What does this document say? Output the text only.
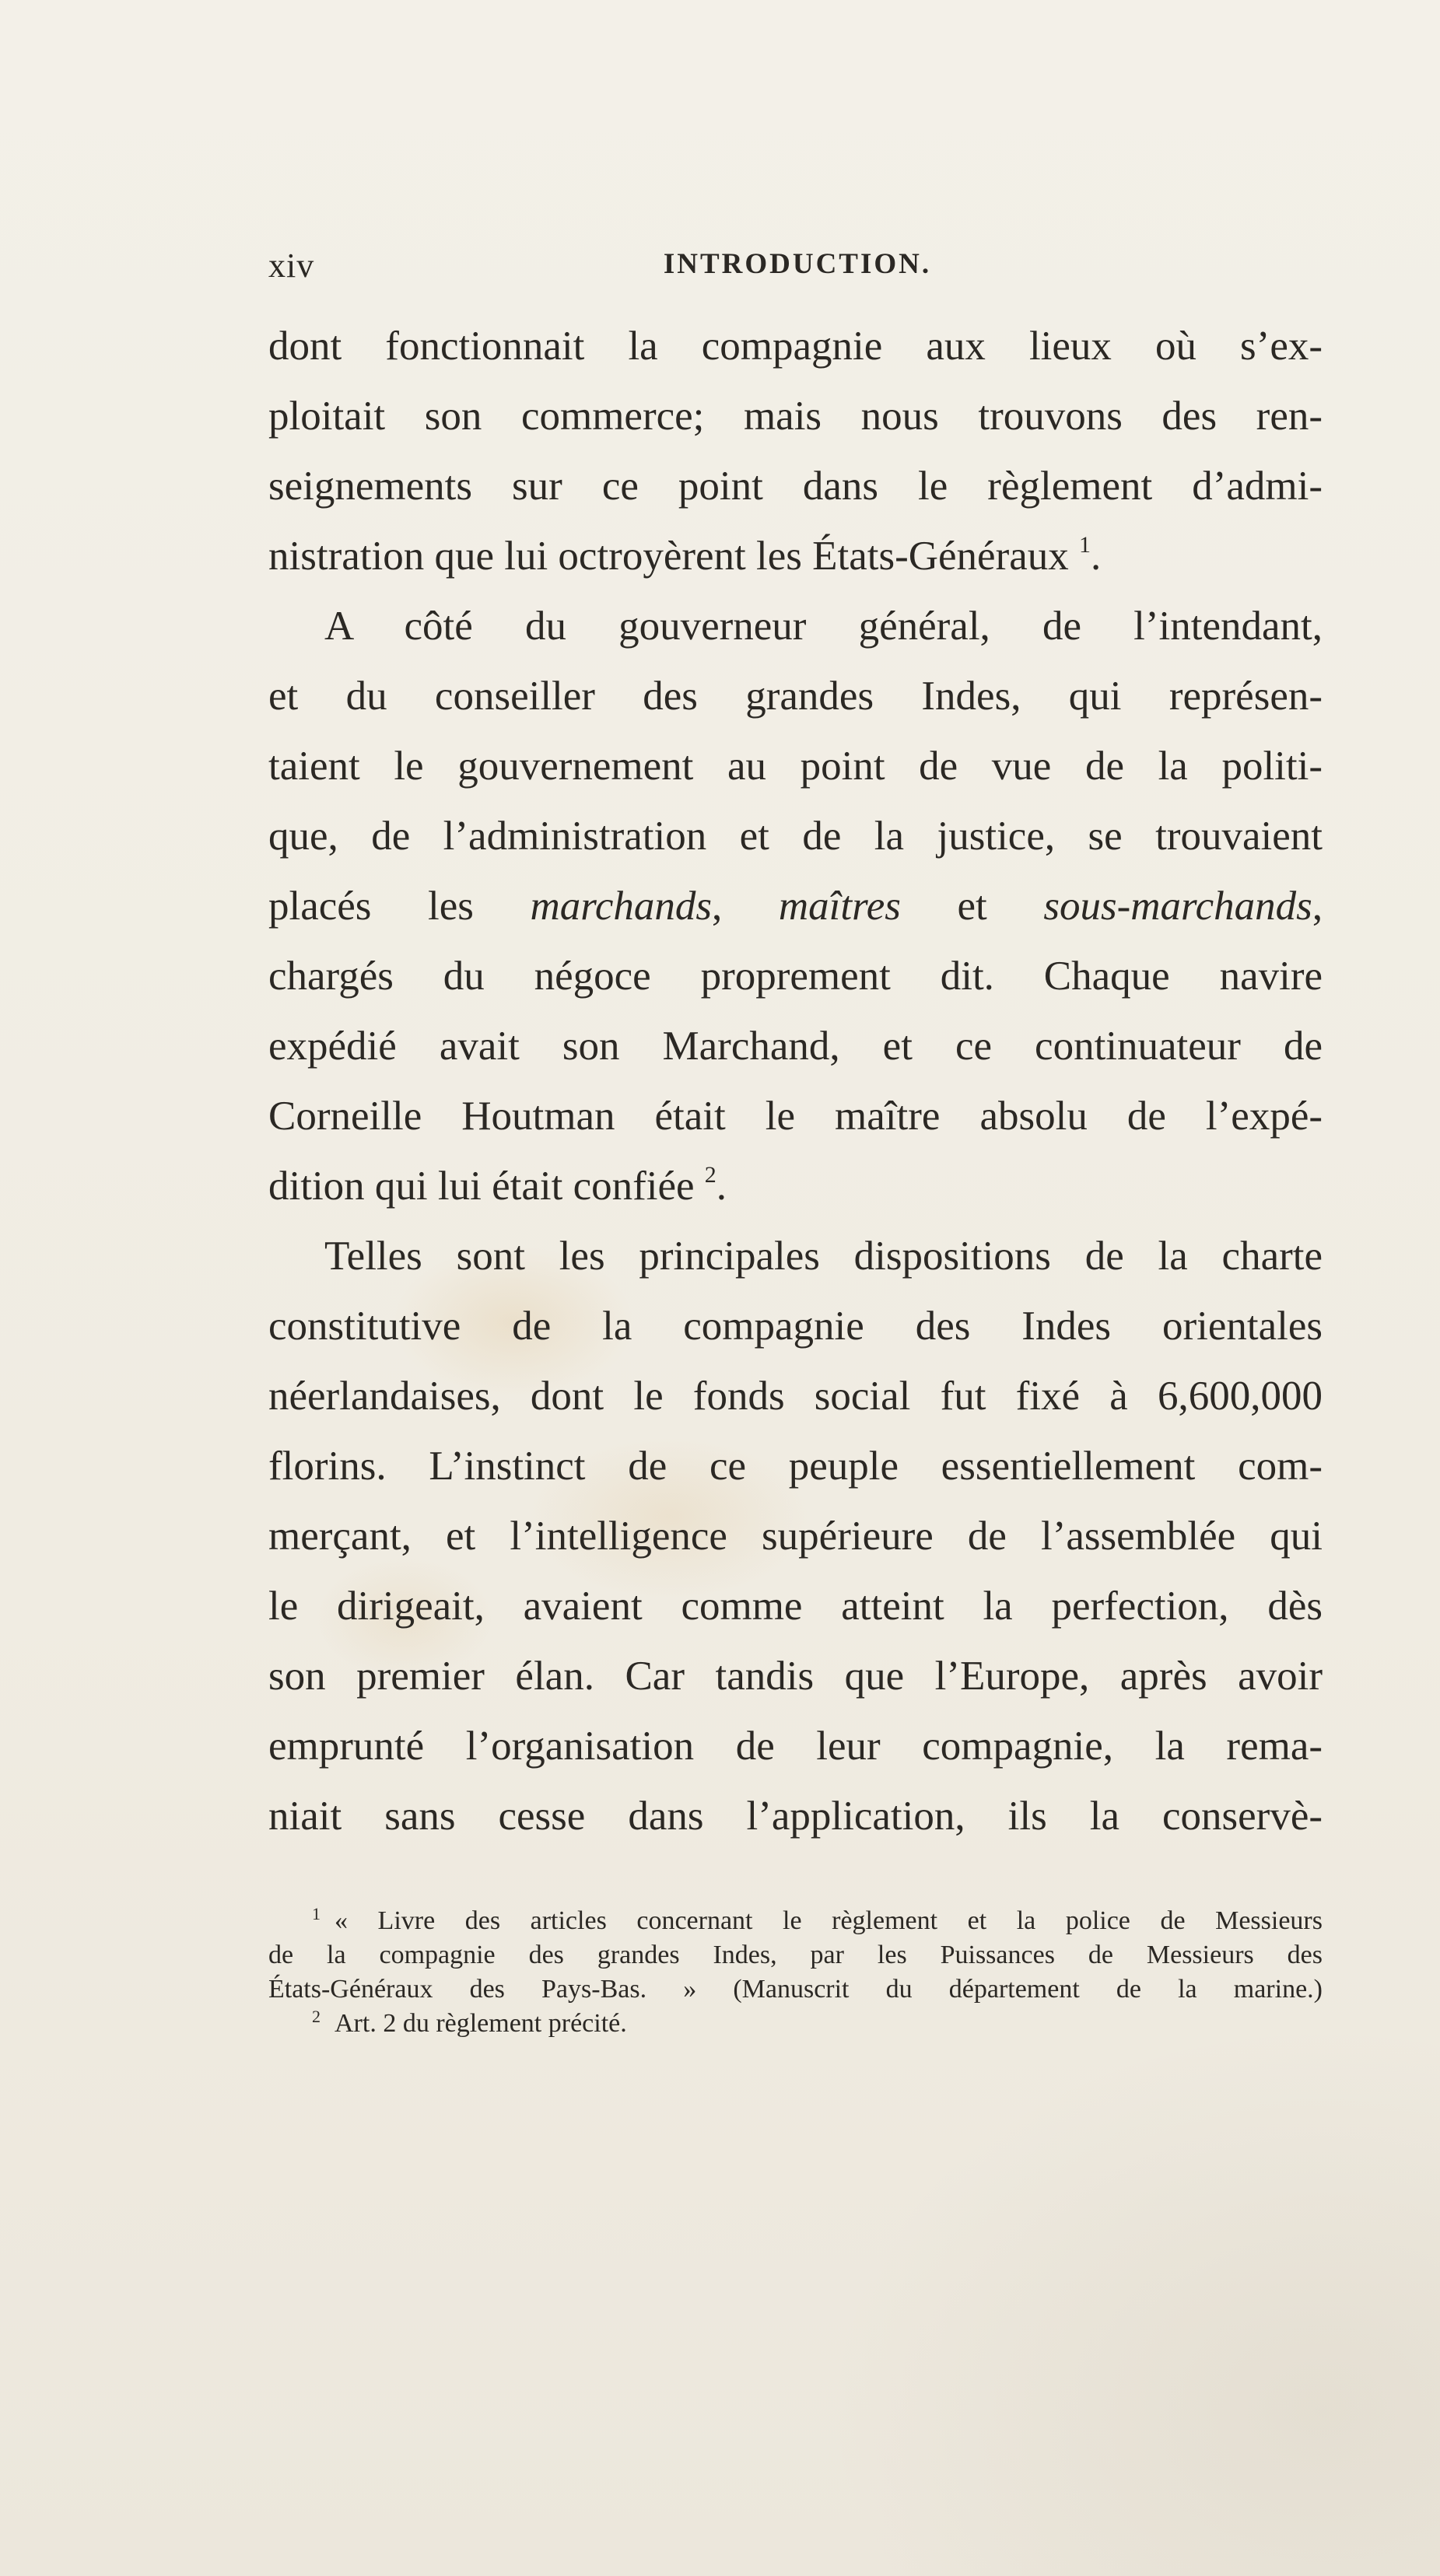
xiv	INTRODUCTION.
dont fonctionnait la compagnie aux lieux où s’ex-
ploitait son commerce; mais nous trouvons des ren-
seignements sur ce point dans le règlement d’admi-
nistration que lui octroyèrent les États-Généraux $^1$.
A côté du gouverneur général, de l’intendant,
et du conseiller des grandes Indes, qui représen-
taient le gouvernement au point de vue de la politi-
que, de l’administration et de la justice, se trouvaient
placés les marchands, maîtres et sous-marchands,
chargés du négoce proprement dit. Chaque navire
expédié avait son Marchand, et ce continuateur de
Corneille Houtman était le maître absolu de l’expé-
dition qui lui était confiée $^2$.
Telles sont les principales dispositions de la charte
constitutive de la compagnie des Indes orientales
néerlandaises, dont le fonds social fut fixé à 6,600,000
florins. L’instinct de ce peuple essentiellement com-
merçant, et l’intelligence supérieure de l’assemblée qui
le dirigeait, avaient comme atteint la perfection, dès
son premier élan. Car tandis que l’Europe, après avoir
emprunté l’organisation de leur compagnie, la rema-
niait sans cesse dans l’application, ils la conservè-
$^1$ « Livre des articles concernant le règlement et la police de Messieurs
de la compagnie des grandes Indes, par les Puissances de Messieurs des
États-Généraux des Pays-Bas. » (Manuscrit du département de la marine.)
$^2$ Art. 2 du règlement précité.
